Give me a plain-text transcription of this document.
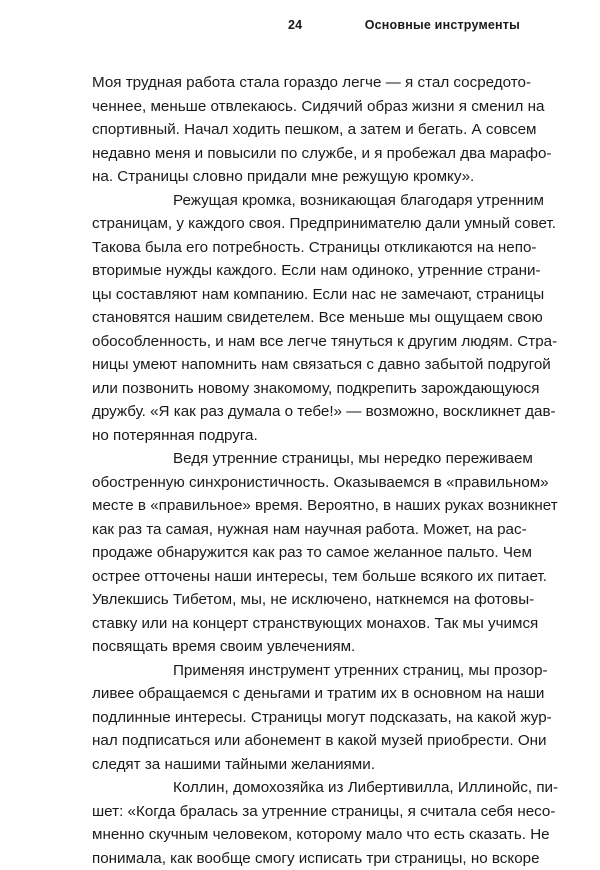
24	Основные инструменты
Моя трудная работа стала гораздо легче — я стал сосредото-
ченнее, меньше отвлекаюсь. Сидячий образ жизни я сменил на
спортивный. Начал ходить пешком, а затем и бегать. А совсем
недавно меня и повысили по службе, и я пробежал два марафо-
на. Страницы словно придали мне режущую кромку».
Режущая кромка, возникающая благодаря утренним
страницам, у каждого своя. Предпринимателю дали умный совет.
Такова была его потребность. Страницы откликаются на непо-
вторимые нужды каждого. Если нам одиноко, утренние страни-
цы составляют нам компанию. Если нас не замечают, страницы
становятся нашим свидетелем. Все меньше мы ощущаем свою
обособленность, и нам все легче тянуться к другим людям. Стра-
ницы умеют напомнить нам связаться с давно забытой подругой
или позвонить новому знакомому, подкрепить зарождающуюся
дружбу. «Я как раз думала о тебе!» — возможно, воскликнет дав-
но потерянная подруга.
Ведя утренние страницы, мы нередко переживаем
обостренную синхронистичность. Оказываемся в «правильном»
месте в «правильное» время. Вероятно, в наших руках возникнет
как раз та самая, нужная нам научная работа. Может, на рас-
продаже обнаружится как раз то самое желанное пальто. Чем
острее отточены наши интересы, тем больше всякого их питает.
Увлекшись Тибетом, мы, не исключено, наткнемся на фотовы-
ставку или на концерт странствующих монахов. Так мы учимся
посвящать время своим увлечениям.
Применяя инструмент утренних страниц, мы прозор-
ливее обращаемся с деньгами и тратим их в основном на наши
подлинные интересы. Страницы могут подсказать, на какой жур-
нал подписаться или абонемент в какой музей приобрести. Они
следят за нашими тайными желаниями.
Коллин, домохозяйка из Либертивилла, Иллинойс, пи-
шет: «Когда бралась за утренние страницы, я считала себя несо-
мненно скучным человеком, которому мало что есть сказать. Не
понимала, как вообще смогу исписать три страницы, но вскоре
